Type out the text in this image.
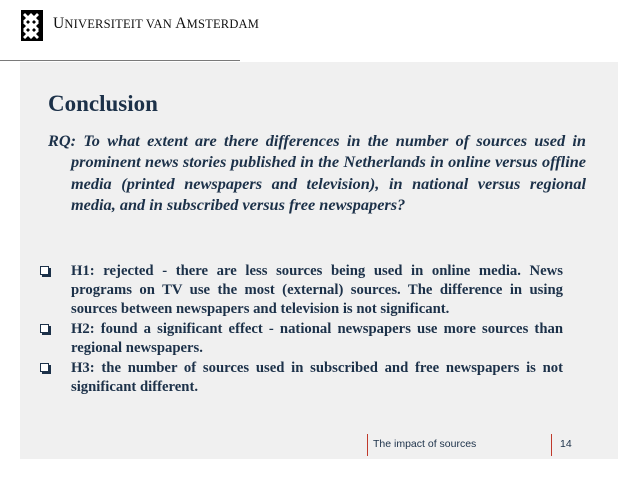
UNIVERSITEIT VAN AMSTERDAM
Conclusion

RQ: To what extent are there differences in the number of sources used in prominent news stories published in the Netherlands in online versus offline media (printed newspapers and television), in national versus regional media, and in subscribed versus free newspapers?

H1: rejected - there are less sources being used in online media. News programs on TV use the most (external) sources. The difference in using sources between newspapers and television is not significant.
H2: found a significant effect - national newspapers use more sources than regional newspapers.
H3: the number of sources used in subscribed and free newspapers is not significant different.
The impact of sources	14
